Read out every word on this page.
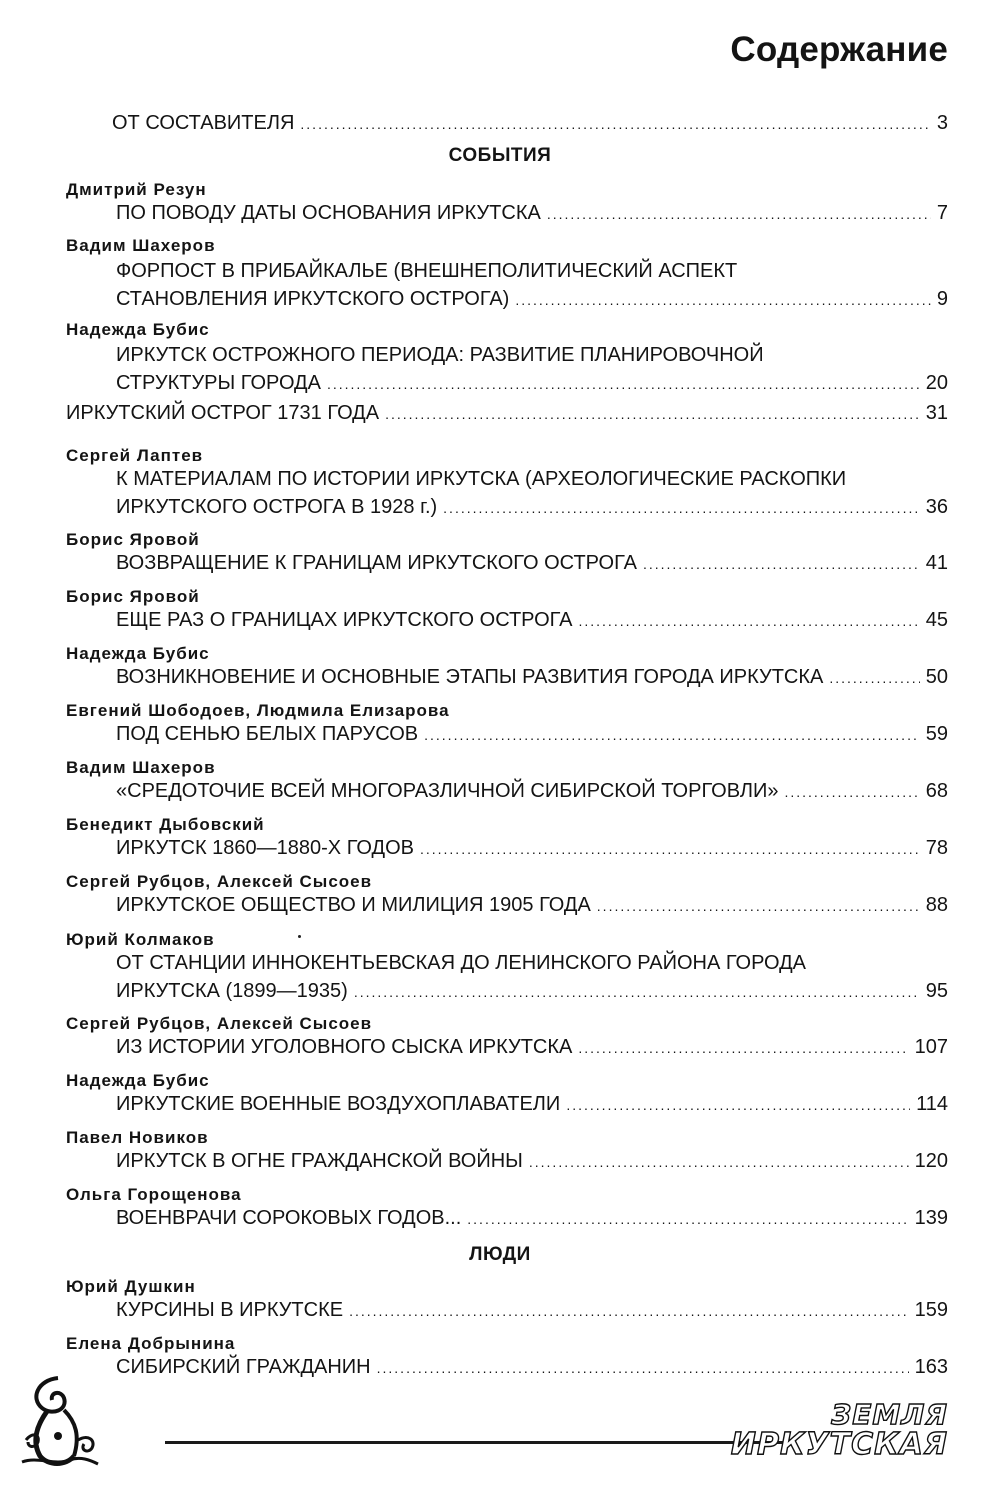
Содержание
ОТ СОСТАВИТЕЛЯ .....	3
СОБЫТИЯ
ЛЮДИ
Дмитрий Резун
ПО ПОВОДУ ДАТЫ ОСНОВАНИЯ ИРКУТСКА .....	7
Вадим Шахеров
ФОРПОСТ В ПРИБАЙКАЛЬЕ (ВНЕШНЕПОЛИТИЧЕСКИЙ АСПЕКТ
СТАНОВЛЕНИЯ ИРКУТСКОГО ОСТРОГА) .....	9
Надежда Бубис
ИРКУТСК ОСТРОЖНОГО ПЕРИОДА: РАЗВИТИЕ ПЛАНИРОВОЧНОЙ
СТРУКТУРЫ ГОРОДА .....	20
ИРКУТСКИЙ ОСТРОГ 1731 ГОДА .....	31
Сергей Лаптев
К МАТЕРИАЛАМ ПО ИСТОРИИ ИРКУТСКА (АРХЕОЛОГИЧЕСКИЕ РАСКОПКИ
ИРКУТСКОГО ОСТРОГА В 1928 г.) .....	36
Борис Яровой
ВОЗВРАЩЕНИЕ К ГРАНИЦАМ ИРКУТСКОГО ОСТРОГА .....	41
Борис Яровой
ЕЩЕ РАЗ О ГРАНИЦАХ ИРКУТСКОГО ОСТРОГА .....	45
Надежда Бубис
ВОЗНИКНОВЕНИЕ И ОСНОВНЫЕ ЭТАПЫ РАЗВИТИЯ ГОРОДА ИРКУТСКА .....	50
Евгений Шободоев, Людмила Елизарова
ПОД СЕНЬЮ БЕЛЫХ ПАРУСОВ .....	59
Вадим Шахеров
«СРЕДОТОЧИЕ ВСЕЙ МНОГОРАЗЛИЧНОЙ СИБИРСКОЙ ТОРГОВЛИ» .....	68
Бенедикт Дыбовский
ИРКУТСК 1860—1880-Х ГОДОВ .....	78
Сергей Рубцов, Алексей Сысоев
ИРКУТСКОЕ ОБЩЕСТВО И МИЛИЦИЯ 1905 ГОДА .....	88
Юрий Колмаков
ОТ СТАНЦИИ ИННОКЕНТЬЕВСКАЯ ДО ЛЕНИНСКОГО РАЙОНА ГОРОДА
ИРКУТСКА (1899—1935) .....	95
Сергей Рубцов, Алексей Сысоев
ИЗ ИСТОРИИ УГОЛОВНОГО СЫСКА ИРКУТСКА .....	107
Надежда Бубис
ИРКУТСКИЕ ВОЕННЫЕ ВОЗДУХОПЛАВАТЕЛИ .....	114
Павел Новиков
ИРКУТСК В ОГНЕ ГРАЖДАНСКОЙ ВОЙНЫ .....	120
Ольга Горощенова
ВОЕНВРАЧИ СОРОКОВЫХ ГОДОВ... .....	139
Юрий Душкин
КУРСИНЫ В ИРКУТСКЕ .....	159
Елена Добрынина
СИБИРСКИЙ ГРАЖДАНИН .....	163
ЗЕМЛЯ
ИРКУТСКАЯ
